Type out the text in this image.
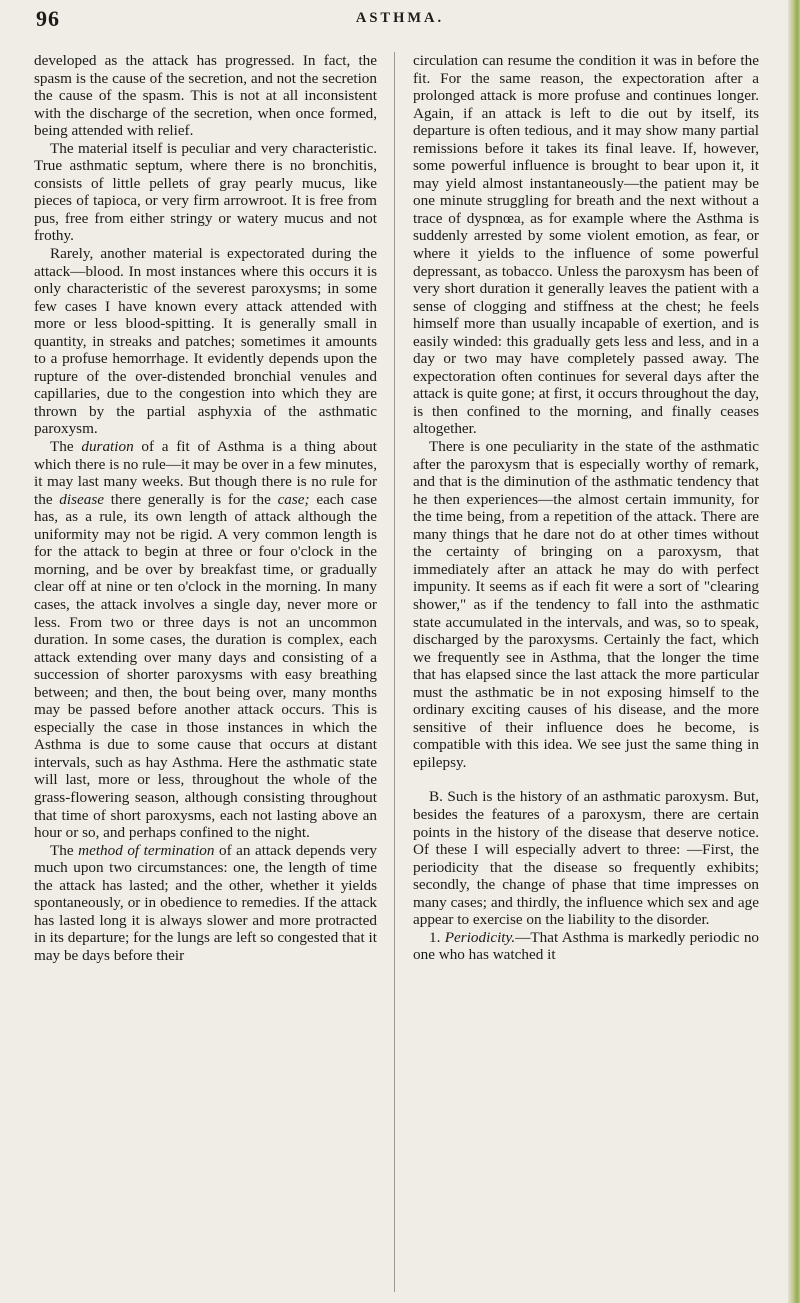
96	ASTHMA.

developed as the attack has progressed. In fact, the spasm is the cause of the secretion, and not the secretion the cause of the spasm. This is not at all inconsistent with the discharge of the secretion, when once formed, being attended with relief.

The material itself is peculiar and very characteristic. True asthmatic septum, where there is no bronchitis, consists of little pellets of gray pearly mucus, like pieces of tapioca, or very firm arrowroot. It is free from pus, free from either stringy or watery mucus and not frothy.

Rarely, another material is expectorated during the attack—blood. In most instances where this occurs it is only characteristic of the severest paroxysms; in some few cases I have known every attack attended with more or less blood-spitting. It is generally small in quantity, in streaks and patches; sometimes it amounts to a profuse hemorrhage. It evidently depends upon the rupture of the over-distended bronchial venules and capillaries, due to the congestion into which they are thrown by the partial asphyxia of the asthmatic paroxysm.

The duration of a fit of Asthma is a thing about which there is no rule—it may be over in a few minutes, it may last many weeks. But though there is no rule for the disease there generally is for the case; each case has, as a rule, its own length of attack although the uniformity may not be rigid. A very common length is for the attack to begin at three or four o'clock in the morning, and be over by breakfast time, or gradually clear off at nine or ten o'clock in the morning. In many cases, the attack involves a single day, never more or less. From two or three days is not an uncommon duration. In some cases, the duration is complex, each attack extending over many days and consisting of a succession of shorter paroxysms with easy breathing between; and then, the bout being over, many months may be passed before another attack occurs. This is especially the case in those instances in which the Asthma is due to some cause that occurs at distant intervals, such as hay Asthma. Here the asthmatic state will last, more or less, throughout the whole of the grass-flowering season, although consisting throughout that time of short paroxysms, each not lasting above an hour or so, and perhaps confined to the night.

The method of termination of an attack depends very much upon two circumstances: one, the length of time the attack has lasted; and the other, whether it yields spontaneously, or in obedience to remedies. If the attack has lasted long it is always slower and more protracted in its departure; for the lungs are left so congested that it may be days before their

circulation can resume the condition it was in before the fit. For the same reason, the expectoration after a prolonged attack is more profuse and continues longer. Again, if an attack is left to die out by itself, its departure is often tedious, and it may show many partial remissions before it takes its final leave. If, however, some powerful influence is brought to bear upon it, it may yield almost instantaneously—the patient may be one minute struggling for breath and the next without a trace of dyspnœa, as for example where the Asthma is suddenly arrested by some violent emotion, as fear, or where it yields to the influence of some powerful depressant, as tobacco. Unless the paroxysm has been of very short duration it generally leaves the patient with a sense of clogging and stiffness at the chest; he feels himself more than usually incapable of exertion, and is easily winded: this gradually gets less and less, and in a day or two may have completely passed away. The expectoration often continues for several days after the attack is quite gone; at first, it occurs throughout the day, is then confined to the morning, and finally ceases altogether.

There is one peculiarity in the state of the asthmatic after the paroxysm that is especially worthy of remark, and that is the diminution of the asthmatic tendency that he then experiences—the almost certain immunity, for the time being, from a repetition of the attack. There are many things that he dare not do at other times without the certainty of bringing on a paroxysm, that immediately after an attack he may do with perfect impunity. It seems as if each fit were a sort of "clearing shower," as if the tendency to fall into the asthmatic state accumulated in the intervals, and was, so to speak, discharged by the paroxysms. Certainly the fact, which we frequently see in Asthma, that the longer the time that has elapsed since the last attack the more particular must the asthmatic be in not exposing himself to the ordinary exciting causes of his disease, and the more sensitive of their influence does he become, is compatible with this idea. We see just the same thing in epilepsy.

B. Such is the history of an asthmatic paroxysm. But, besides the features of a paroxysm, there are certain points in the history of the disease that deserve notice. Of these I will especially advert to three: —First, the periodicity that the disease so frequently exhibits; secondly, the change of phase that time impresses on many cases; and thirdly, the influence which sex and age appear to exercise on the liability to the disorder.

1. Periodicity.—That Asthma is markedly periodic no one who has watched it
